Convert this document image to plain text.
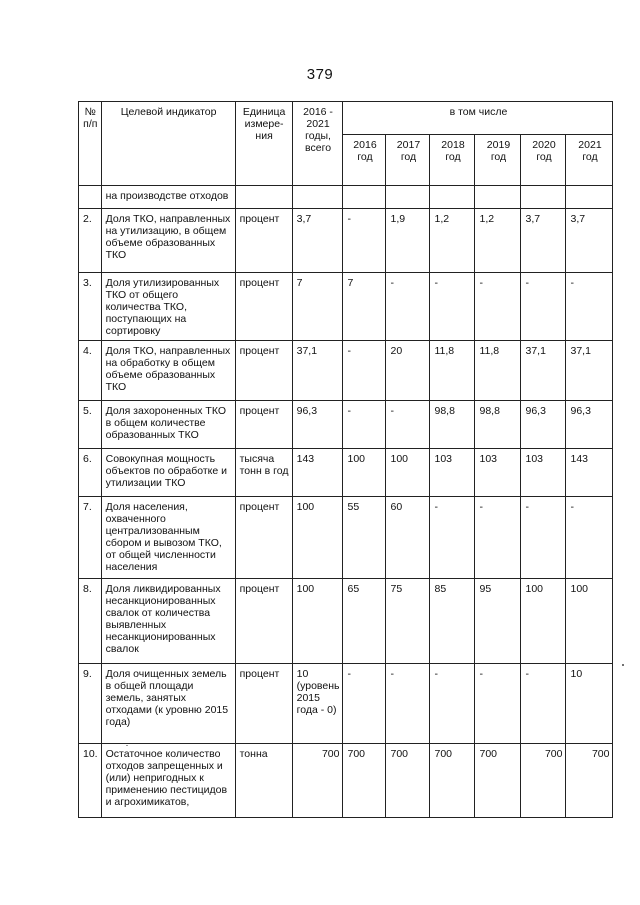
379
№ п/п	Целевой индикатор	Единица измере-ния	2016 - 2021 годы, всего	в том числе					
				2016 год	2017 год	2018 год	2019 год	2020 год	2021 год
	на производстве отходов								
2.	Доля ТКО, направленных на утилизацию, в общем объеме образованных ТКО	процент	3,7	-	1,9	1,2	1,2	3,7	3,7
3.	Доля утилизированных ТКО от общего количества ТКО, поступающих на сортировку	процент	7	7	-	-	-	-	-
4.	Доля ТКО, направленных на обработку в общем объеме образованных ТКО	процент	37,1	-	20	11,8	11,8	37,1	37,1
5.	Доля захороненных ТКО в общем количестве образованных ТКО	процент	96,3	-	-	98,8	98,8	96,3	96,3
6.	Совокупная мощность объектов по обработке и утилизации ТКО	тысяча тонн в год	143	100	100	103	103	103	143
7.	Доля населения, охваченного централизованным сбором и вывозом ТКО, от общей численности населения	процент	100	55	60	-	-	-	-
8.	Доля ликвидированных несанкционированных свалок от количества выявленных несанкционированных свалок	процент	100	65	75	85	95	100	100
9.	Доля очищенных земель в общей площади земель, занятых отходами (к уровню 2015 года)	процент	10 (уровень 2015 года - 0)	-	-	-	-	-	10
10.	Остаточное количество отходов запрещенных и (или) непригодных к применению пестицидов и агрохимикатов,	тонна	700	700	700	700	700	700	700
